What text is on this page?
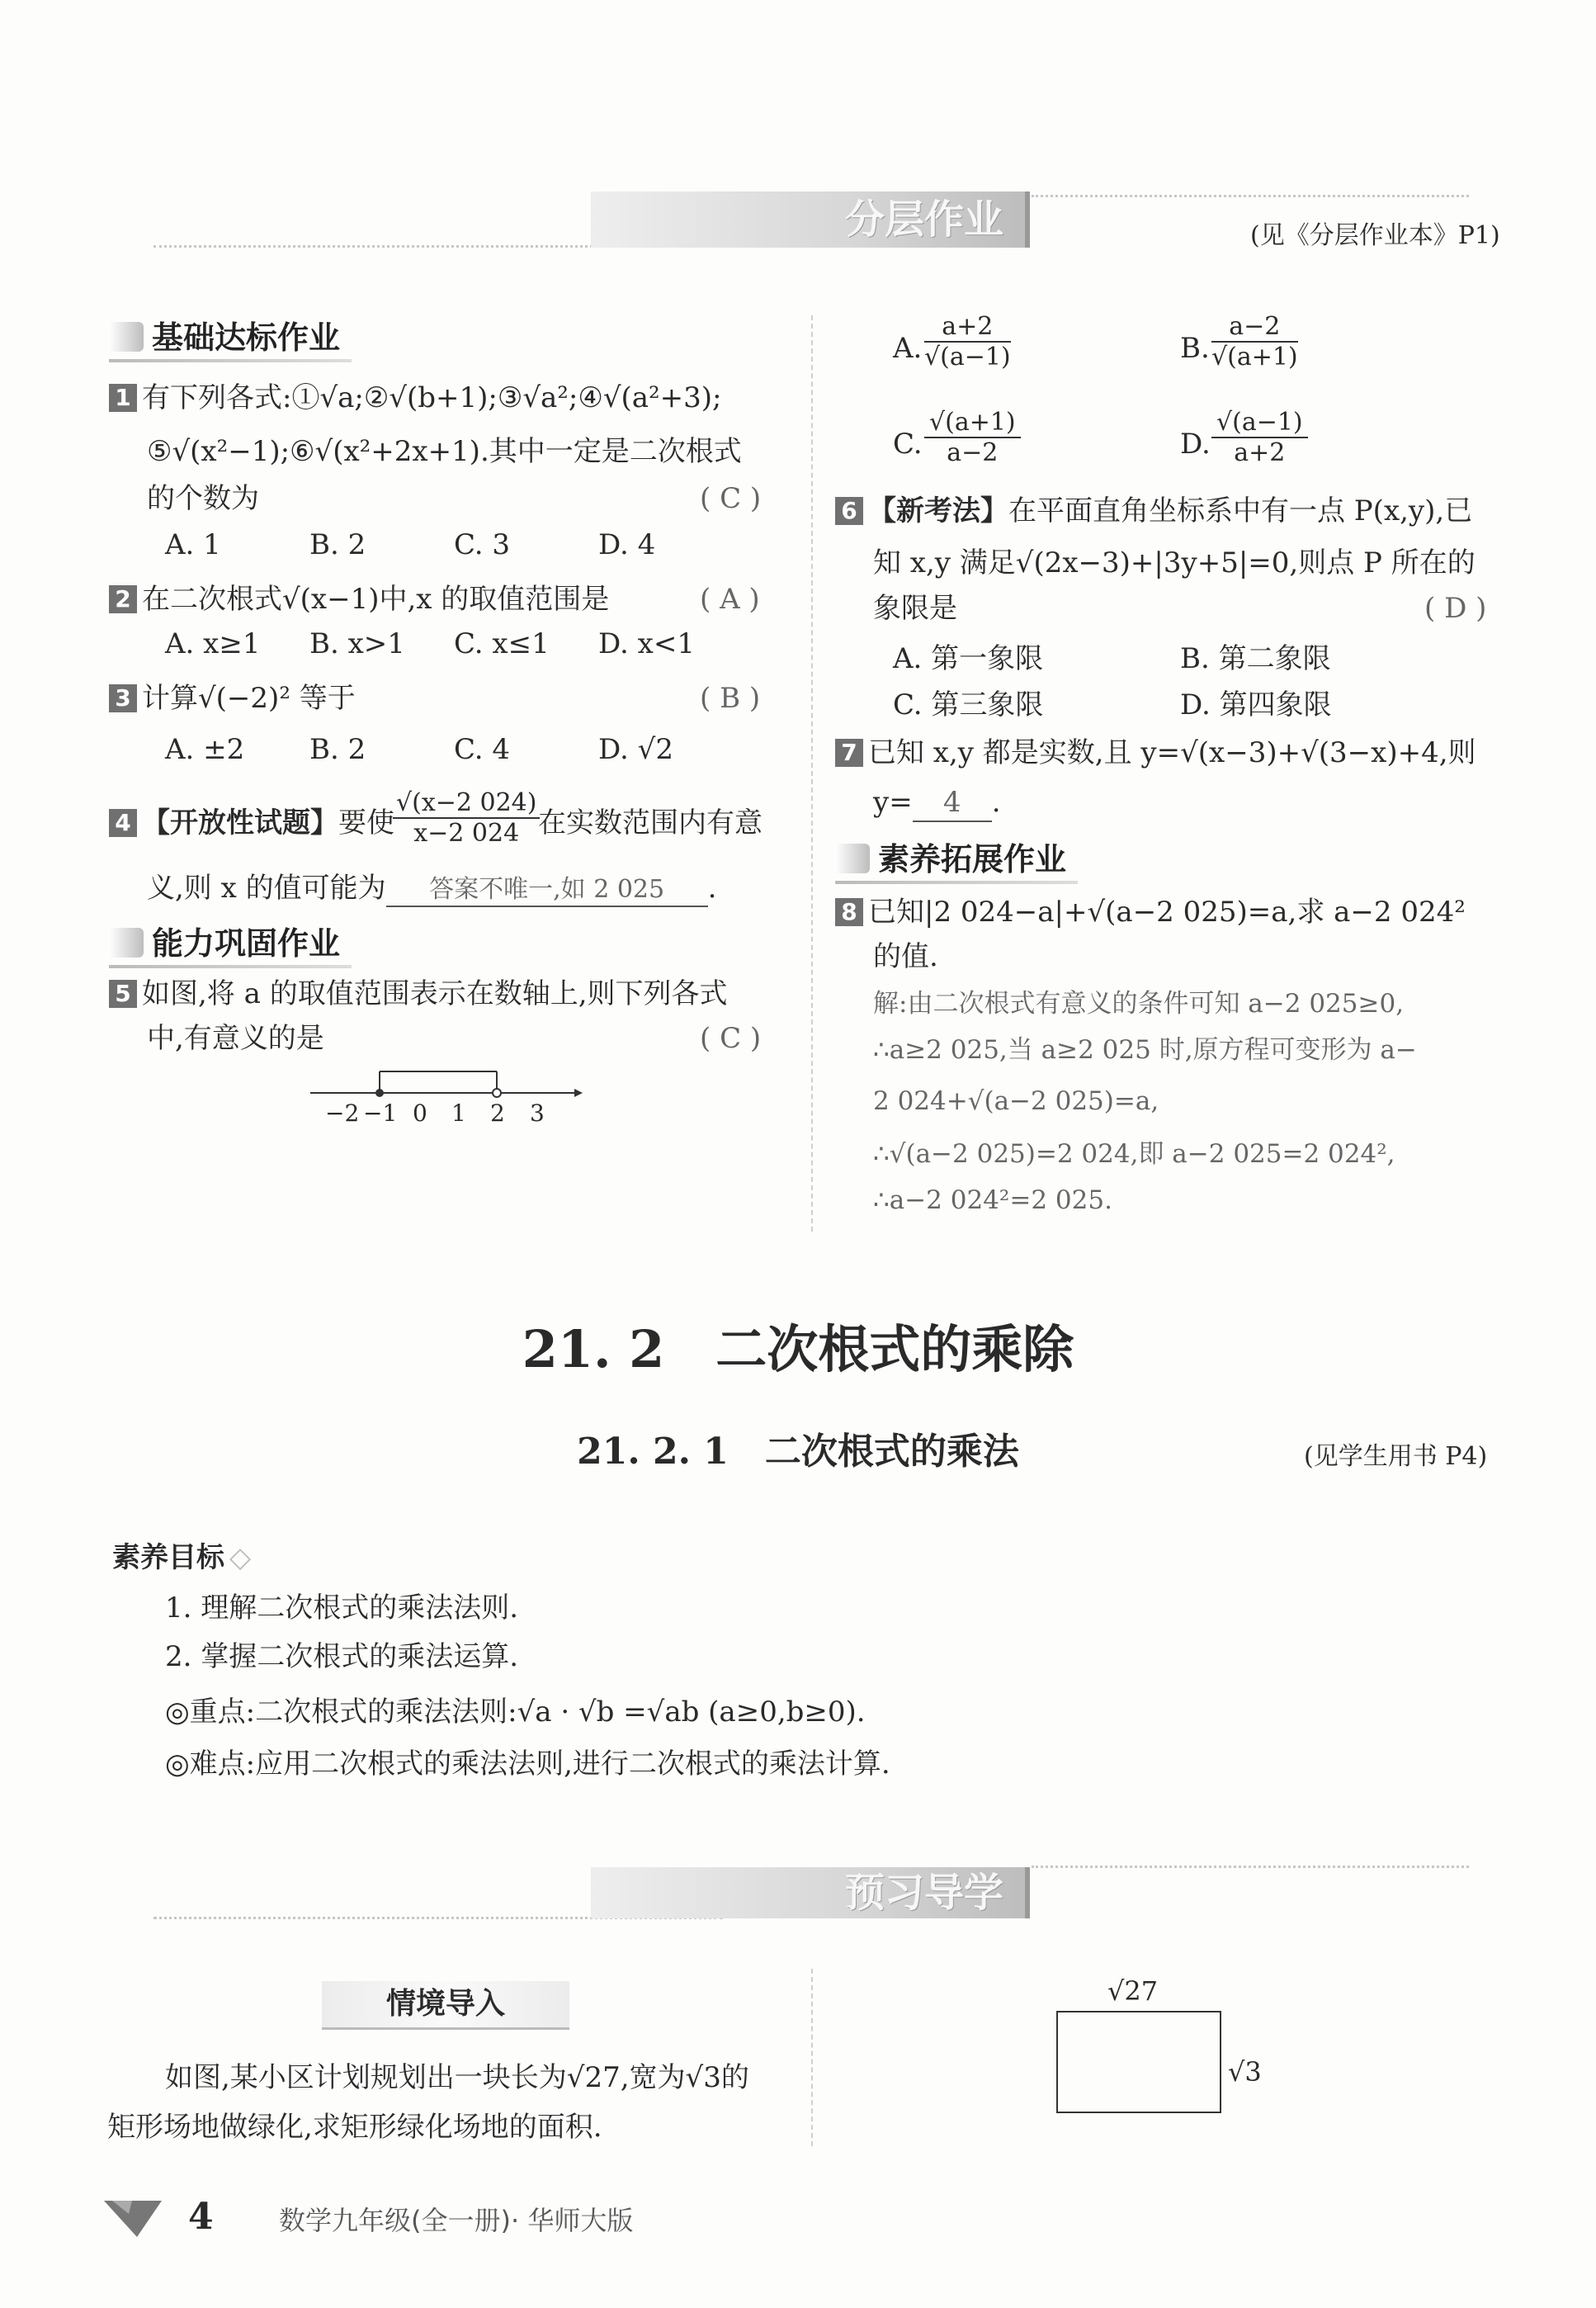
分层作业	(见《分层作业本》P1)
基础达标作业
1 有下列各式:①√a;②√(b+1);③√a²;④√(a²+3);
⑤√(x²−1);⑥√(x²+2x+1).其中一定是二次根式
的个数为	( C )
A. 1	B. 2	C. 3	D. 4
2 在二次根式√(x−1)中,x 的取值范围是	( A )
A. x≥1 B. x>1 C. x≤1 D. x<1
3 计算√(−2)² 等于	( B )
A. ±2 B. 2	C. 4	D. √2
4 【开放性试题】要使
√(x−2 024)
x−2 024 在实数范围内有意
义,则 x 的值可能为 答案不唯一,如 2 025 .
能力巩固作业
5 如图,将 a 的取值范围表示在数轴上,则下列各式
中,有意义的是	( C )
−2 −1 0 1 2 3
A.
a+2
√(a−1)	B.
a−2
√(a+1)
C.
√(a+1)
a−2	D.
√(a−1)
a+2
6 【新考法】在平面直角坐标系中有一点 P(x,y),已
知 x,y 满足√(2x−3)+|3y+5|=0,则点 P 所在的
象限是	( D )
A. 第一象限	B. 第二象限
C. 第三象限	D. 第四象限
7 已知 x,y 都是实数,且 y=√(x−3)+√(3−x)+4,则
y= 4 .
素养拓展作业
8 已知|2 024−a|+√(a−2 025)=a,求 a−2 024²
的值.
解:由二次根式有意义的条件可知 a−2 025≥0,
∴a≥2 025,当 a≥2 025 时,原方程可变形为 a−
2 024+√(a−2 025)=a,
∴√(a−2 025)=2 024,即 a−2 025=2 024²,
∴a−2 024²=2 025.
21. 2　二次根式的乘除
21. 2. 1　二次根式的乘法	(见学生用书 P4)
素养目标 ◇
1. 理解二次根式的乘法法则.
2. 掌握二次根式的乘法运算.
◎重点:二次根式的乘法法则:√a · √b =√ab (a≥0,b≥0).
◎难点:应用二次根式的乘法法则,进行二次根式的乘法计算.
预习导学
情境导入
如图,某小区计划规划出一块长为√27,宽为√3的
矩形场地做绿化,求矩形绿化场地的面积.
√27
√3
4 数学九年级(全一册)· 华师大版
